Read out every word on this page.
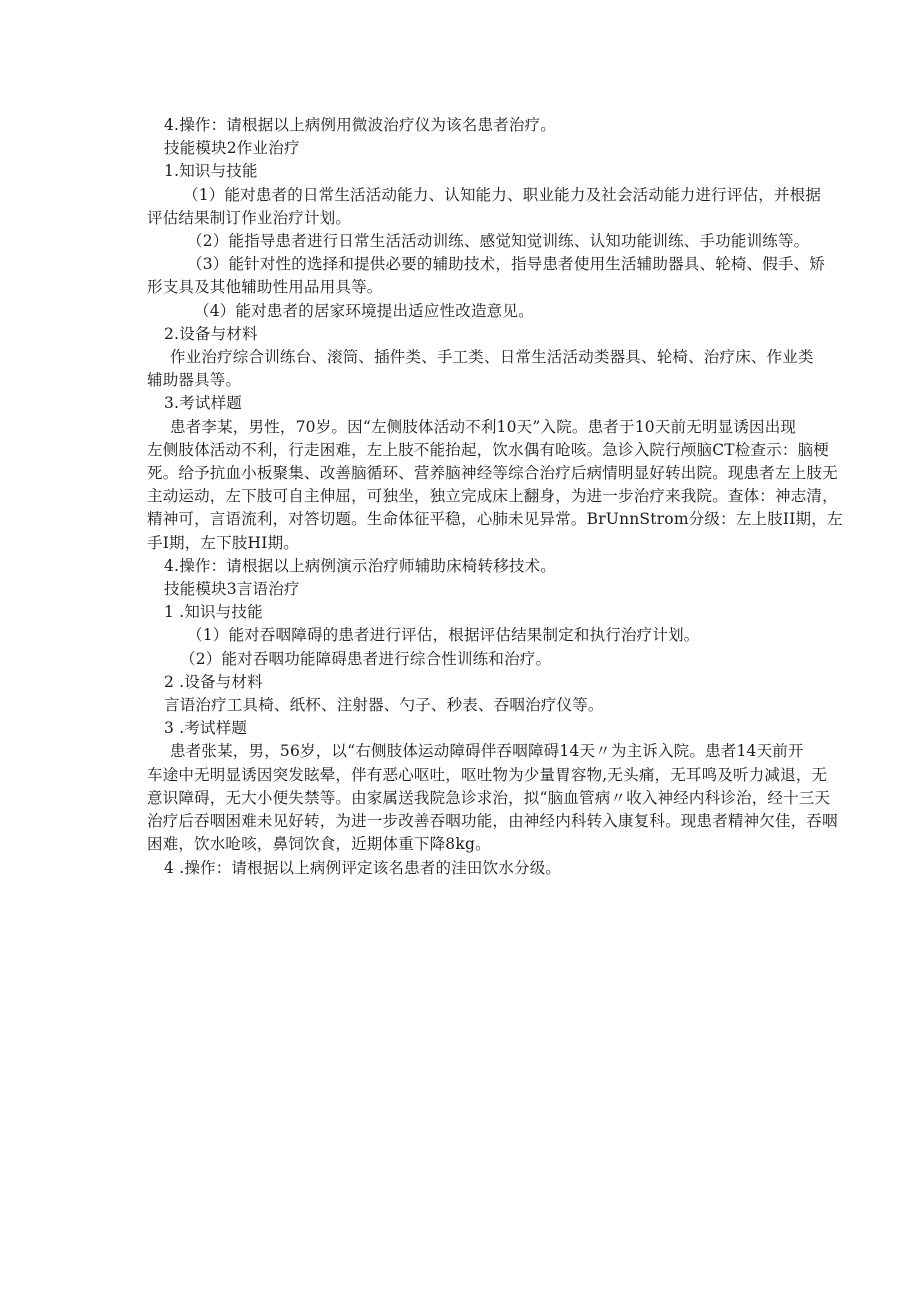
4.操作：请根据以上病例用微波治疗仪为该名患者治疗。
技能模块2作业治疗
1.知识与技能
（1）能对患者的日常生活活动能力、认知能力、职业能力及社会活动能力进行评估，并根据
评估结果制订作业治疗计划。
（2）能指导患者进行日常生活活动训练、感觉知觉训练、认知功能训练、手功能训练等。
（3）能针对性的选择和提供必要的辅助技术，指导患者使用生活辅助器具、轮椅、假手、矫
形支具及其他辅助性用品用具等。
（4）能对患者的居家环境提出适应性改造意见。
2.设备与材料
作业治疗综合训练台、滚筒、插件类、手工类、日常生活活动类器具、轮椅、治疗床、作业类
辅助器具等。
3.考试样题
患者李某，男性，70岁。因“左侧肢体活动不利10天”入院。患者于10天前无明显诱因出现
左侧肢体活动不利，行走困难，左上肢不能抬起，饮水偶有呛咳。急诊入院行颅脑CT检查示：脑梗
死。给予抗血小板聚集、改善脑循环、营养脑神经等综合治疗后病情明显好转出院。现患者左上肢无
主动运动，左下肢可自主伸屈，可独坐，独立完成床上翻身，为进一步治疗来我院。查体：神志清，
精神可，言语流利，对答切题。生命体征平稳，心肺未见异常。BrUnnStrom分级：左上肢II期，左
手I期，左下肢HI期。
4.操作：请根据以上病例演示治疗师辅助床椅转移技术。
技能模块3言语治疗
1 .知识与技能
（1）能对吞咽障碍的患者进行评估，根据评估结果制定和执行治疗计划。
（2）能对吞咽功能障碍患者进行综合性训练和治疗。
2 .设备与材料
言语治疗工具椅、纸杯、注射器、勺子、秒表、吞咽治疗仪等。
3 .考试样题
患者张某，男，56岁，以“右侧肢体运动障碍伴吞咽障碍14天〃为主诉入院。患者14天前开
车途中无明显诱因突发眩晕，伴有恶心呕吐，呕吐物为少量胃容物,无头痛，无耳鸣及听力减退，无
意识障碍，无大小便失禁等。由家属送我院急诊求治，拟“脑血管病〃收入神经内科诊治，经十三天
治疗后吞咽困难未见好转，为进一步改善吞咽功能，由神经内科转入康复科。现患者精神欠佳，吞咽
困难，饮水呛咳，鼻饲饮食，近期体重下降8kg。
4 .操作：请根据以上病例评定该名患者的洼田饮水分级。
